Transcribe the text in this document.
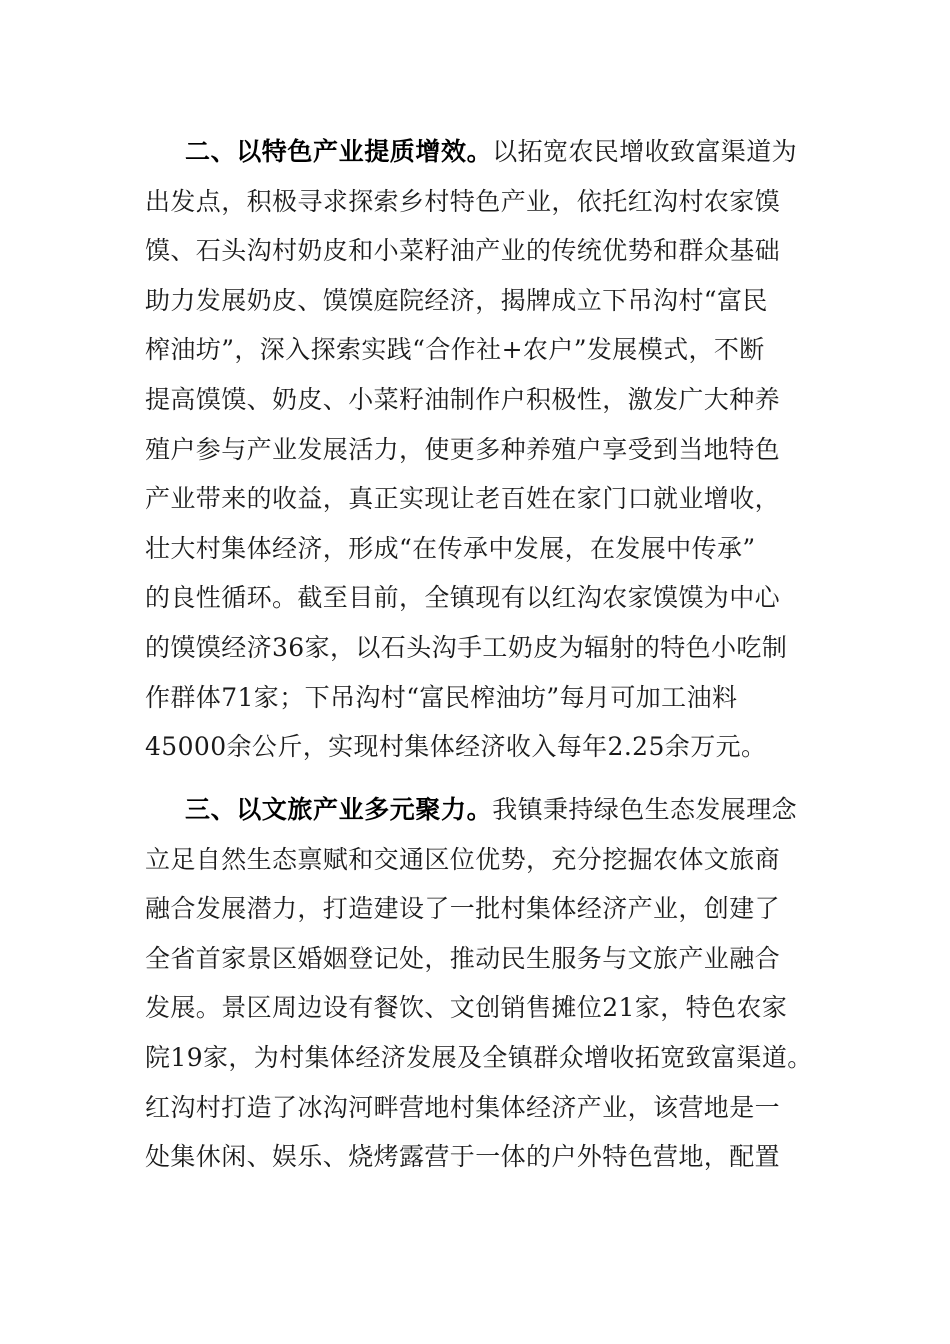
二、以特色产业提质增效。以拓宽农民增收致富渠道为
出发点，积极寻求探索乡村特色产业，依托红沟村农家馍
馍、石头沟村奶皮和小菜籽油产业的传统优势和群众基础
助力发展奶皮、馍馍庭院经济，揭牌成立下吊沟村“富民
榨油坊”，深入探索实践“合作社+农户”发展模式，不断
提高馍馍、奶皮、小菜籽油制作户积极性，激发广大种养
殖户参与产业发展活力，使更多种养殖户享受到当地特色
产业带来的收益，真正实现让老百姓在家门口就业增收，
壮大村集体经济，形成“在传承中发展，在发展中传承”
的良性循环。截至目前，全镇现有以红沟农家馍馍为中心
的馍馍经济36家，以石头沟手工奶皮为辐射的特色小吃制
作群体71家；下吊沟村“富民榨油坊”每月可加工油料
45000余公斤，实现村集体经济收入每年2.25余万元。
三、以文旅产业多元聚力。我镇秉持绿色生态发展理念
立足自然生态禀赋和交通区位优势，充分挖掘农体文旅商
融合发展潜力，打造建设了一批村集体经济产业，创建了
全省首家景区婚姻登记处，推动民生服务与文旅产业融合
发展。景区周边设有餐饮、文创销售摊位21家，特色农家
院19家，为村集体经济发展及全镇群众增收拓宽致富渠道。
红沟村打造了冰沟河畔营地村集体经济产业，该营地是一
处集休闲、娱乐、烧烤露营于一体的户外特色营地，配置
